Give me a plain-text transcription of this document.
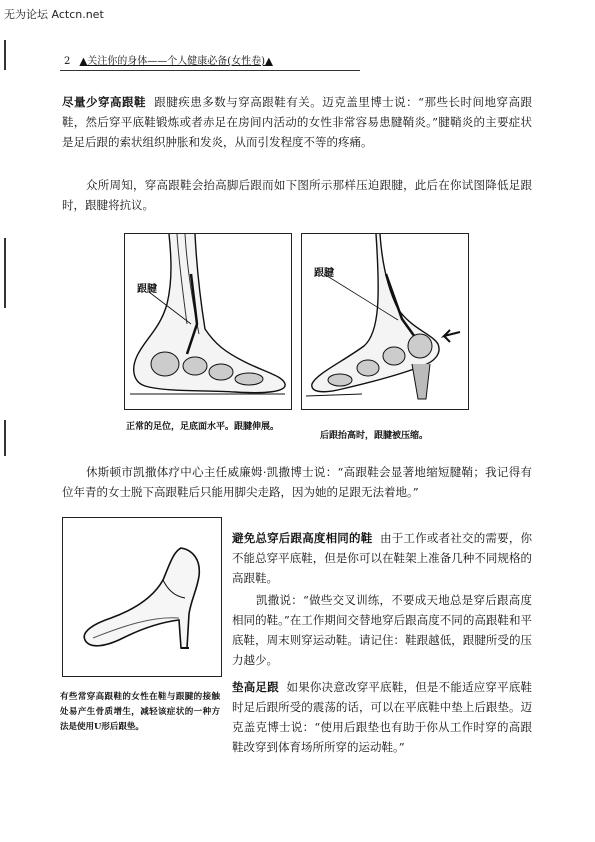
无为论坛 Actcn.net
2 ▲关注你的身体——个人健康必备(女性卷)▲

尽量少穿高跟鞋 跟腱疾患多数与穿高跟鞋有关。迈克盖里博士说：“那些长时间地穿高跟鞋，然后穿平底鞋锻炼或者赤足在房间内活动的女性非常容易患腱鞘炎。”腱鞘炎的主要症状是足后跟的索状组织肿胀和发炎，从而引发程度不等的疼痛。

众所周知，穿高跟鞋会抬高脚后跟而如下图所示那样压迫跟腱，此后在你试图降低足跟时，跟腱将抗议。

跟腱
跟腱

正常的足位，足底面水平。跟腱伸展。

后跟抬高时，跟腱被压缩。

休斯顿市凯撒体疗中心主任威廉姆·凯撒博士说：“高跟鞋会显著地缩短腱鞘；我记得有位年青的女士脱下高跟鞋后只能用脚尖走路，因为她的足跟无法着地。”

避免总穿后跟高度相同的鞋 由于工作或者社交的需要，你不能总穿平底鞋，但是你可以在鞋架上准备几种不同规格的高跟鞋。

凯撒说：“做些交叉训练，不要成天地总是穿后跟高度相同的鞋。”在工作期间交替地穿后跟高度不同的高跟鞋和平底鞋，周末则穿运动鞋。请记住：鞋跟越低，跟腱所受的压力越少。

垫高足跟 如果你决意改穿平底鞋，但是不能适应穿平底鞋时足后跟所受的震荡的话，可以在平底鞋中垫上后跟垫。迈克盖克博士说：“使用后跟垫也有助于你从工作时穿的高跟鞋改穿到体育场所所穿的运动鞋。”

有些常穿高跟鞋的女性在鞋与跟腱的接触处易产生骨质增生，减轻该症状的一种方法是使用U形后跟垫。
